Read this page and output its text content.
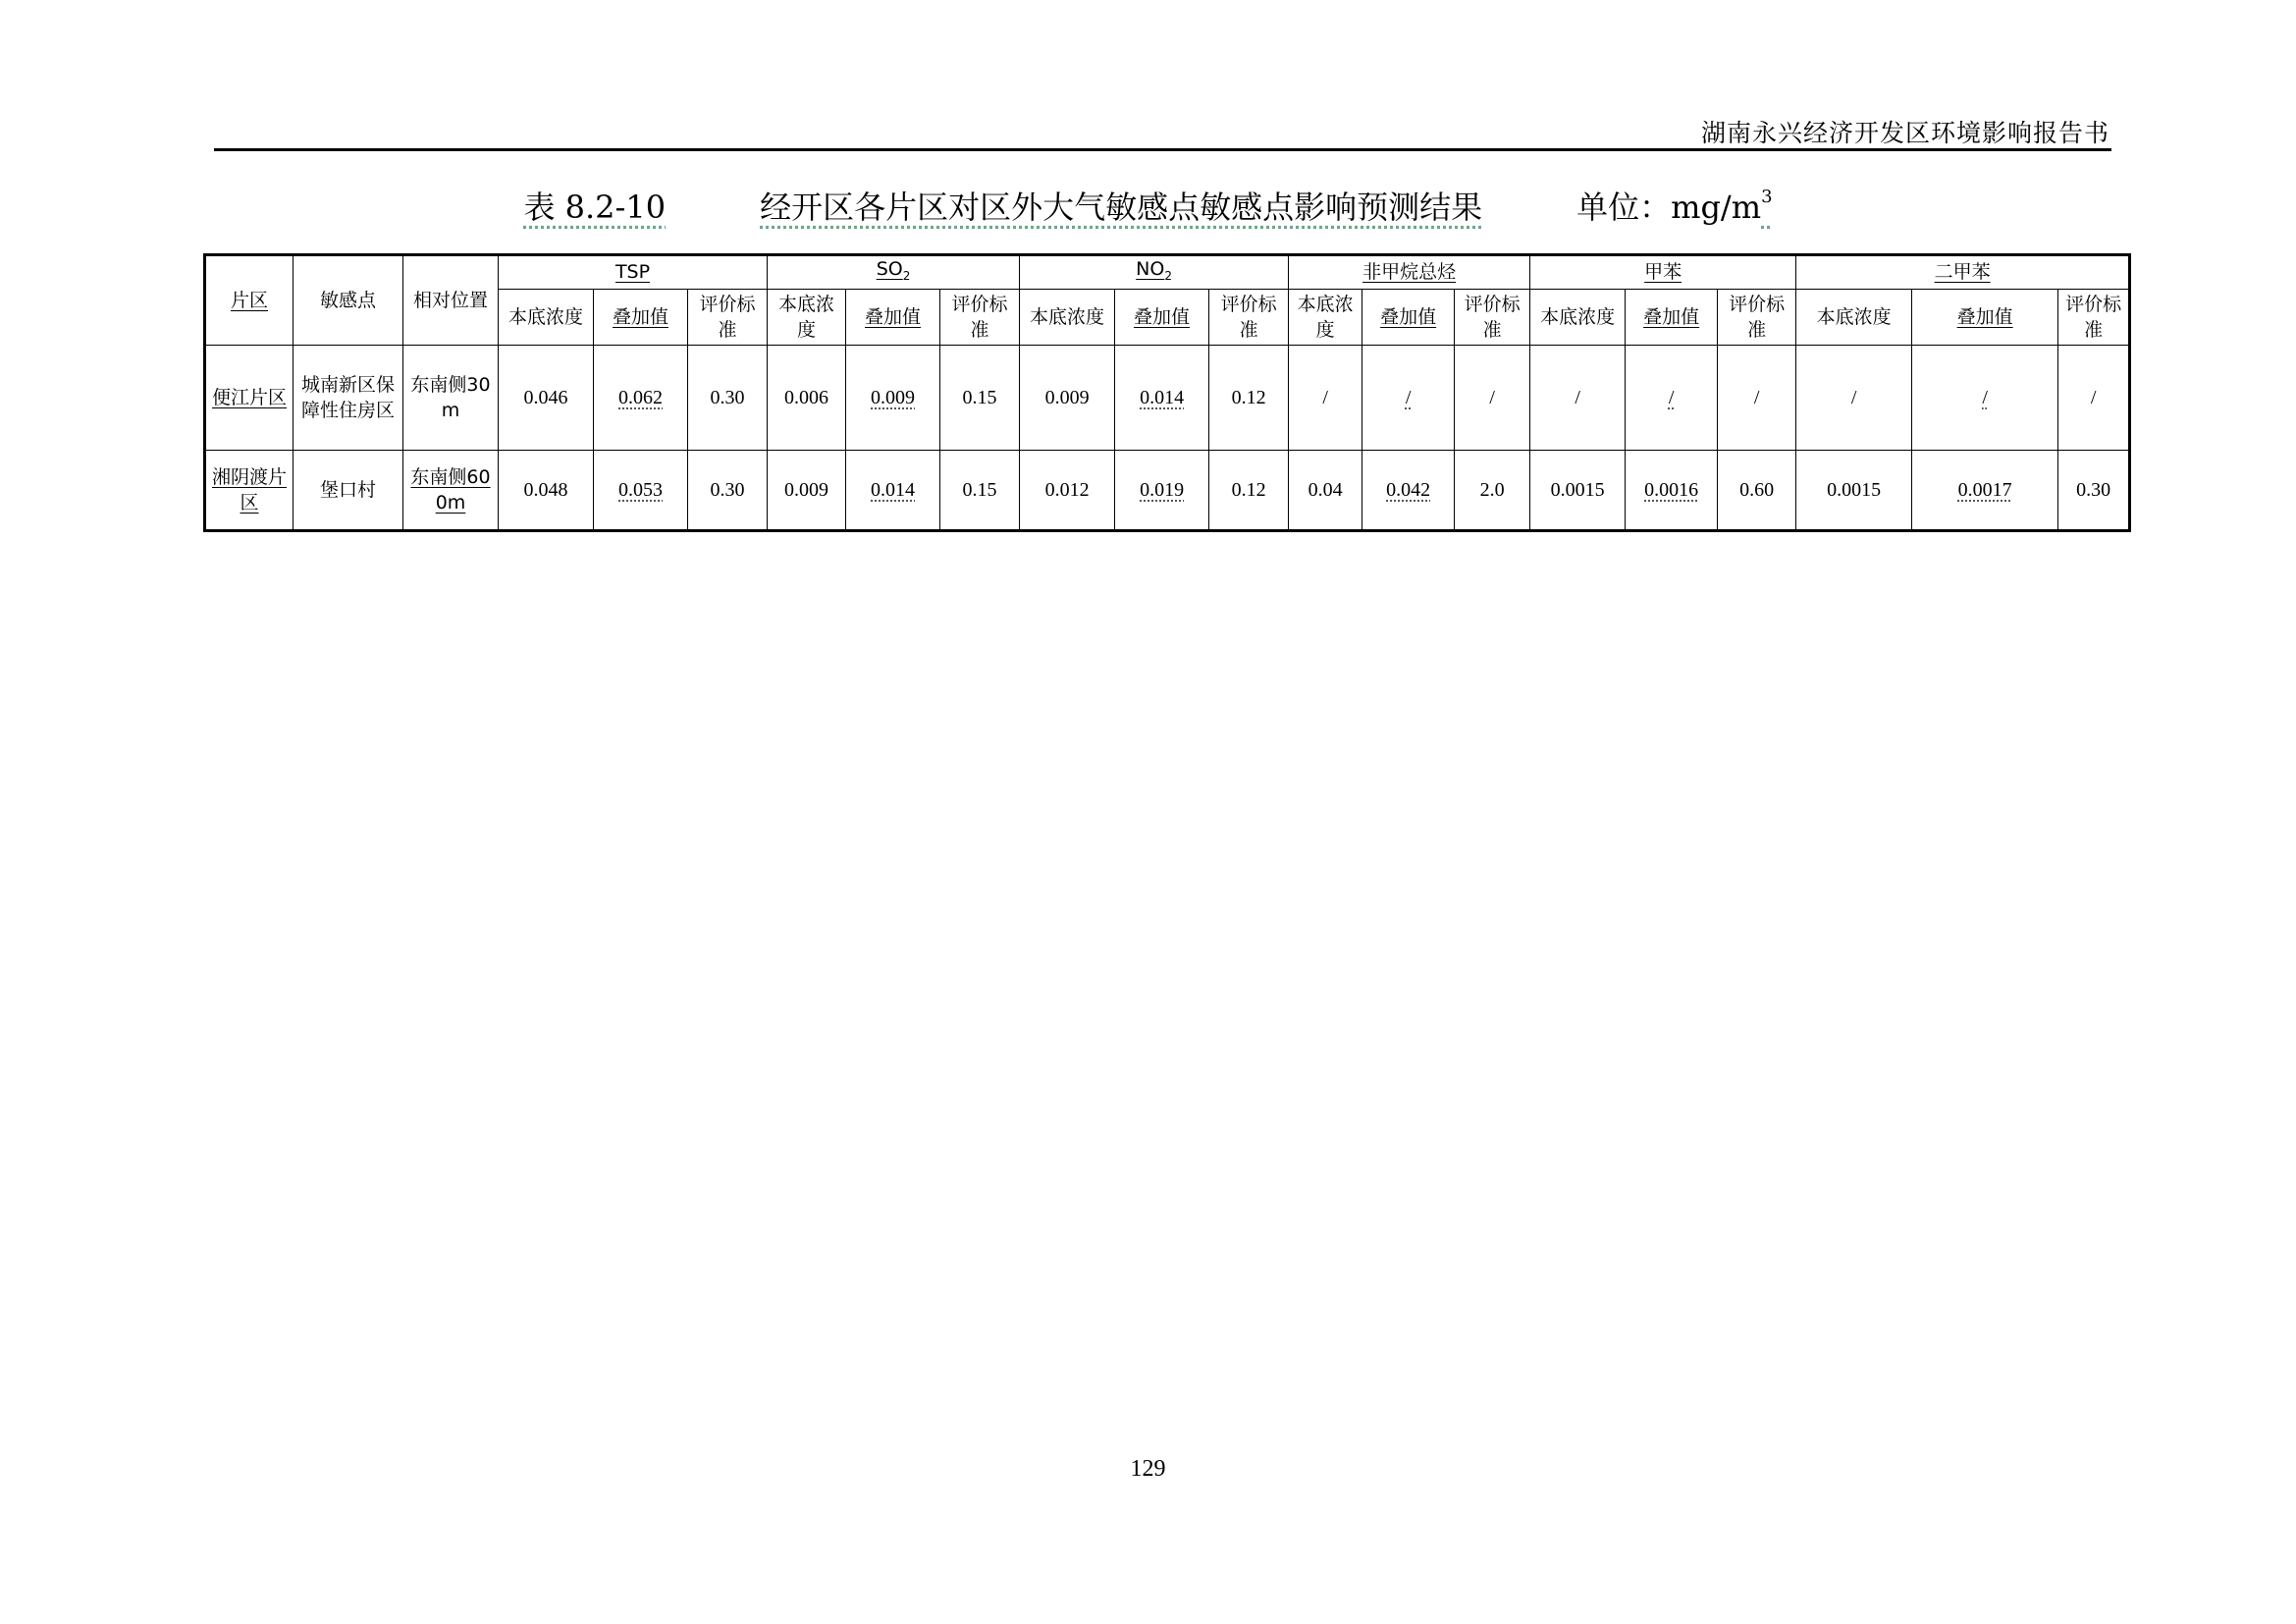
湖南永兴经济开发区环境影响报告书
表 8.2-10	经开区各片区对区外大气敏感点敏感点影响预测结果	单位：$mg/m^3$
片区	敏感点	相对位置	TSP			$SO_2$			$NO_2$			非甲烷总烃			甲苯			二甲苯		
			本底浓度	叠加值	评价标准	本底浓度	叠加值	评价标准	本底浓度	叠加值	评价标准	本底浓度	叠加值	评价标准	本底浓度	叠加值	评价标准	本底浓度	叠加值	评价标准
便江片区	城南新区保障性住房区	东南侧30m	0.046	0.062	0.30	0.006	0.009	0.15	0.009	0.014	0.12	/	/	/	/	/	/	/	/	/
湘阴渡片区	堡口村	东南侧600m	0.048	0.053	0.30	0.009	0.014	0.15	0.012	0.019	0.12	0.04	0.042	2.0	0.0015	0.0016	0.60	0.0015	0.0017	0.30
129
